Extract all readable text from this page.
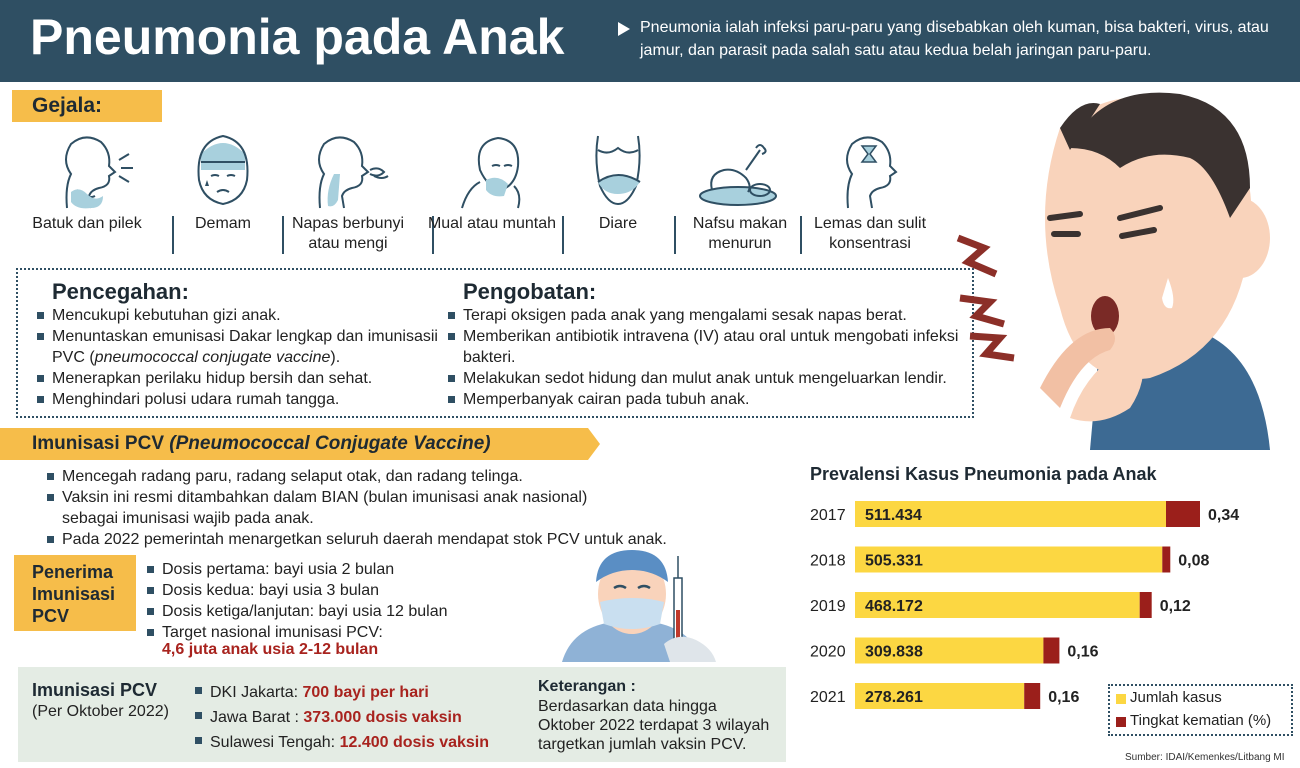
Pneumonia pada Anak	Pneumonia ialah infeksi paru-paru yang disebabkan oleh kuman, bisa bakteri, virus, atau jamur, dan parasit pada salah satu atau kedua belah jaringan paru-paru.
Gejala:
Batuk dan pilek	Demam	Napas berbunyi atau mengi
Mual atau muntah	Diare	Nafsu makan menurun
Lemas dan sulit konsentrasi
Pencegahan:
Mencukupi kebutuhan gizi anak.
Menuntaskan emunisasi Dakar lengkap dan imunisasii PVC (pneumococcal conjugate vaccine).
Menerapkan perilaku hidup bersih dan sehat.
Menghindari polusi udara rumah tangga.
Pengobatan:
Terapi oksigen pada anak yang mengalami sesak napas berat.
Memberikan antibiotik intravena (IV) atau oral untuk mengobati infeksi bakteri.
Melakukan sedot hidung dan mulut anak untuk mengeluarkan lendir.
Memperbanyak cairan pada tubuh anak.
Imunisasi PCV (Pneumococcal Conjugate Vaccine)
Mencegah radang paru, radang selaput otak, dan radang telinga.
Vaksin ini resmi ditambahkan dalam BIAN (bulan imunisasi anak nasional)
sebagai imunisasi wajib pada anak.
Pada 2022 pemerintah menargetkan seluruh daerah mendapat stok PCV untuk anak.
Penerima
Imunisasi
PCV
Dosis pertama: bayi usia 2 bulan
Dosis kedua: bayi usia 3 bulan
Dosis ketiga/lanjutan: bayi usia 12 bulan
Target nasional imunisasi PCV:
4,6 juta anak usia 2-12 bulan
Imunisasi PCV
(Per Oktober 2022)
DKI Jakarta: 700 bayi per hari
Jawa Barat : 373.000 dosis vaksin
Sulawesi Tengah: 12.400 dosis vaksin
Keterangan :
Berdasarkan data hingga Oktober 2022 terdapat 3 wilayah targetkan jumlah vaksin PCV.
Prevalensi Kasus Pneumonia pada Anak
2017 511.434	0,34
2018 505.331	0,08
2019 468.172	0,12
2020 309.838	0,16
2021 278.261	0,16	Jumlah kasus
Tingkat kematian (%)
Sumber: IDAI/Kemenkes/Litbang MI
